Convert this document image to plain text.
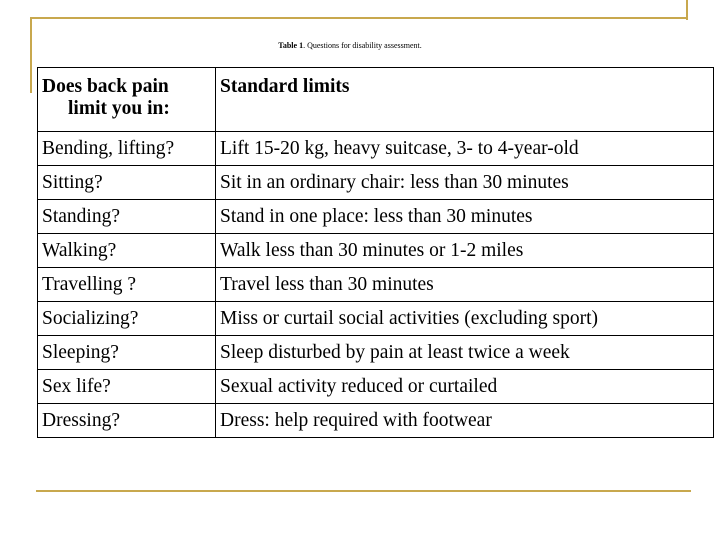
Table 1. Questions for disability assessment.
Does back pain
limit you in:	Standard limits
Bending, lifting?	Lift 15-20 kg, heavy suitcase, 3- to 4-year-old
Sitting?	Sit in an ordinary chair: less than 30 minutes
Standing?	Stand in one place: less than 30 minutes
Walking?	Walk less than 30 minutes or 1-2 miles
Travelling ?	Travel less than 30 minutes
Socializing?	Miss or curtail social activities (excluding sport)
Sleeping?	Sleep disturbed by pain at least twice a week
Sex life?	Sexual activity reduced or curtailed
Dressing?	Dress: help required with footwear
